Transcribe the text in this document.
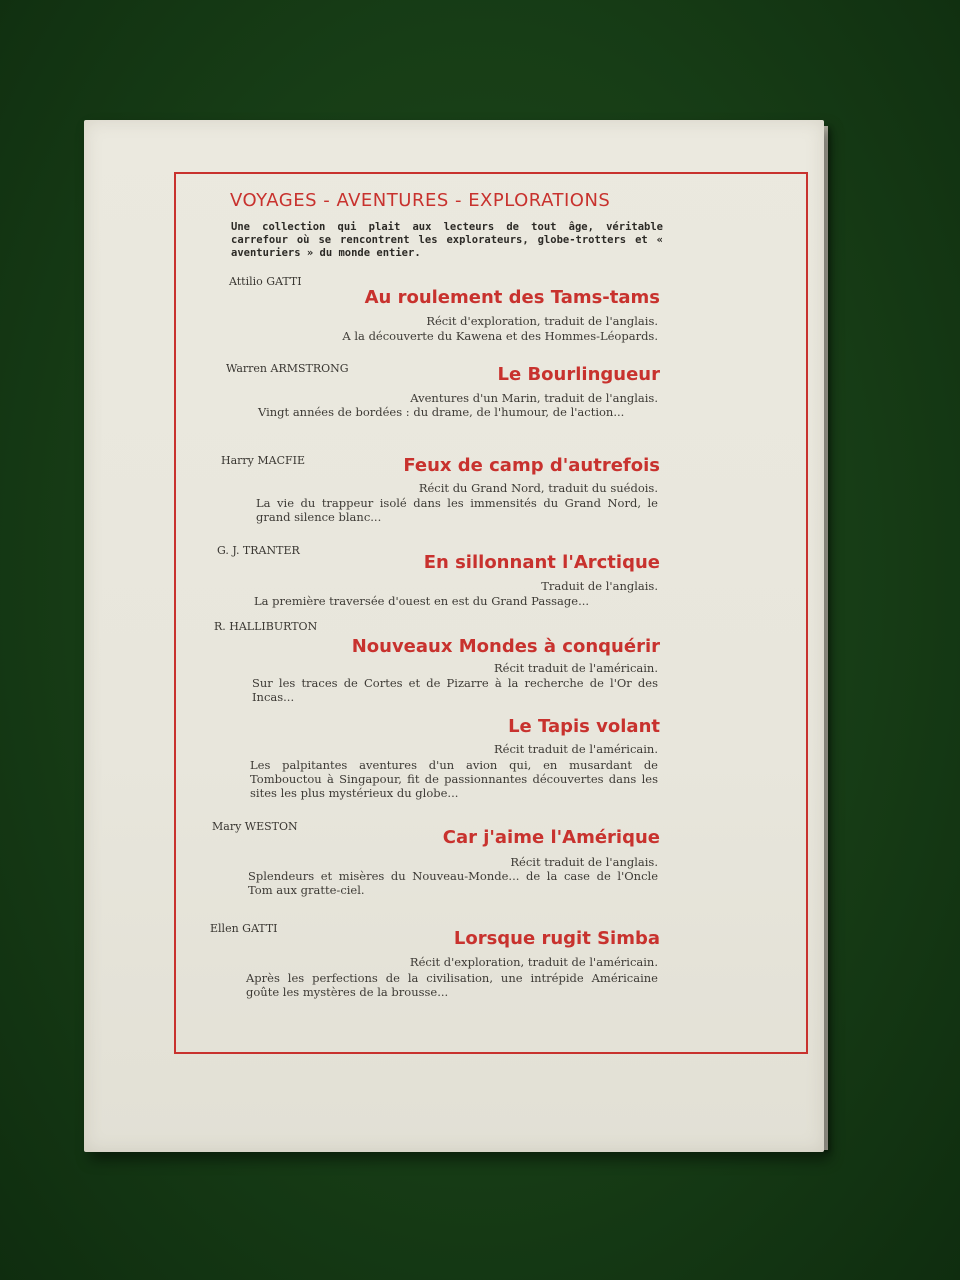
VOYAGES - AVENTURES - EXPLORATIONS
Une collection qui plait aux lecteurs de tout âge, véritable carrefour où se rencontrent les explorateurs, globe-trotters et « aventuriers » du monde entier.
Attilio GATTI
Au roulement des Tams-tams
Récit d'exploration, traduit de l'anglais.
A la découverte du Kawena et des Hommes-Léopards.
Warren ARMSTRONG	Le Bourlingueur
Aventures d'un Marin, traduit de l'anglais.
Vingt années de bordées : du drame, de l'humour, de l'action...
Harry MACFIE	Feux de camp d'autrefois
Récit du Grand Nord, traduit du suédois.
La vie du trappeur isolé dans les immensités du Grand Nord, le grand silence blanc...
G. J. TRANTER
En sillonnant l'Arctique
Traduit de l'anglais.
La première traversée d'ouest en est du Grand Passage...
R. HALLIBURTON
Nouveaux Mondes à conquérir
Récit traduit de l'américain.
Sur les traces de Cortes et de Pizarre à la recherche de l'Or des Incas...
Le Tapis volant
Récit traduit de l'américain.
Les palpitantes aventures d'un avion qui, en musardant de Tombouctou à Singapour, fit de passionnantes découvertes dans les sites les plus mystérieux du globe...
Mary WESTON
Car j'aime l'Amérique
Récit traduit de l'anglais.
Splendeurs et misères du Nouveau-Monde... de la case de l'Oncle Tom aux gratte-ciel.
Ellen GATTI	Lorsque rugit Simba
Récit d'exploration, traduit de l'américain.
Après les perfections de la civilisation, une intrépide Américaine goûte les mystères de la brousse...
